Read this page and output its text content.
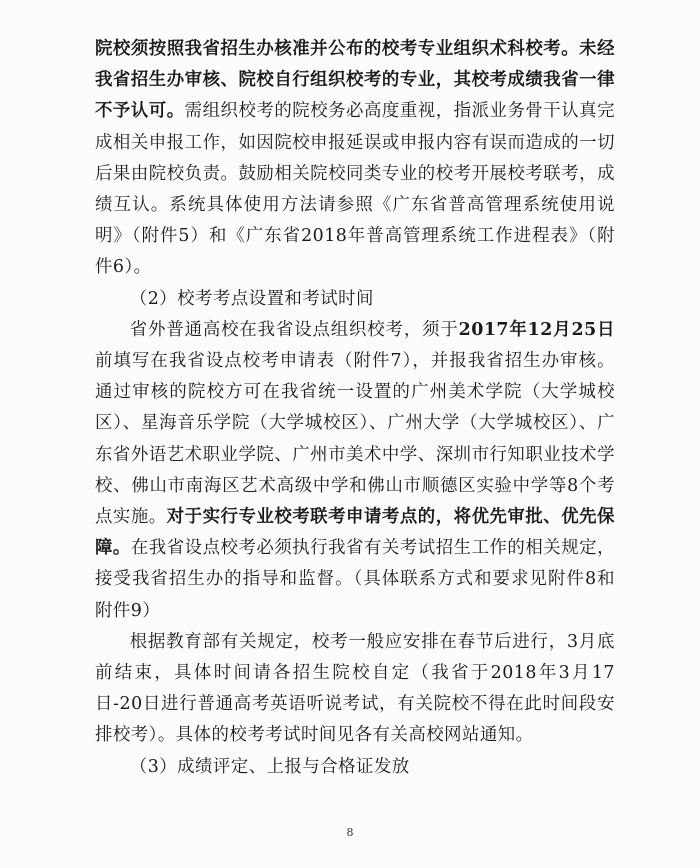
院校须按照我省招生办核准并公布的校考专业组织术科校考。未经我省招生办审核、院校自行组织校考的专业，其校考成绩我省一律不予认可。需组织校考的院校务必高度重视，指派业务骨干认真完成相关申报工作，如因院校申报延误或申报内容有误而造成的一切后果由院校负责。鼓励相关院校同类专业的校考开展校考联考，成绩互认。系统具体使用方法请参照《广东省普高管理系统使用说明》（附件5）和《广东省2018年普高管理系统工作进程表》（附件6）。

（2）校考考点设置和考试时间

省外普通高校在我省设点组织校考，须于2017年12月25日前填写在我省设点校考申请表（附件7），并报我省招生办审核。通过审核的院校方可在我省统一设置的广州美术学院（大学城校区）、星海音乐学院（大学城校区）、广州大学（大学城校区）、广东省外语艺术职业学院、广州市美术中学、深圳市行知职业技术学校、佛山市南海区艺术高级中学和佛山市顺德区实验中学等8个考点实施。对于实行专业校考联考申请考点的，将优先审批、优先保障。在我省设点校考必须执行我省有关考试招生工作的相关规定，接受我省招生办的指导和监督。（具体联系方式和要求见附件8和附件9）

根据教育部有关规定，校考一般应安排在春节后进行，3月底前结束，具体时间请各招生院校自定（我省于2018年3月17日-20日进行普通高考英语听说考试，有关院校不得在此时间段安排校考）。具体的校考考试时间见各有关高校网站通知。

（3）成绩评定、上报与合格证发放

8
